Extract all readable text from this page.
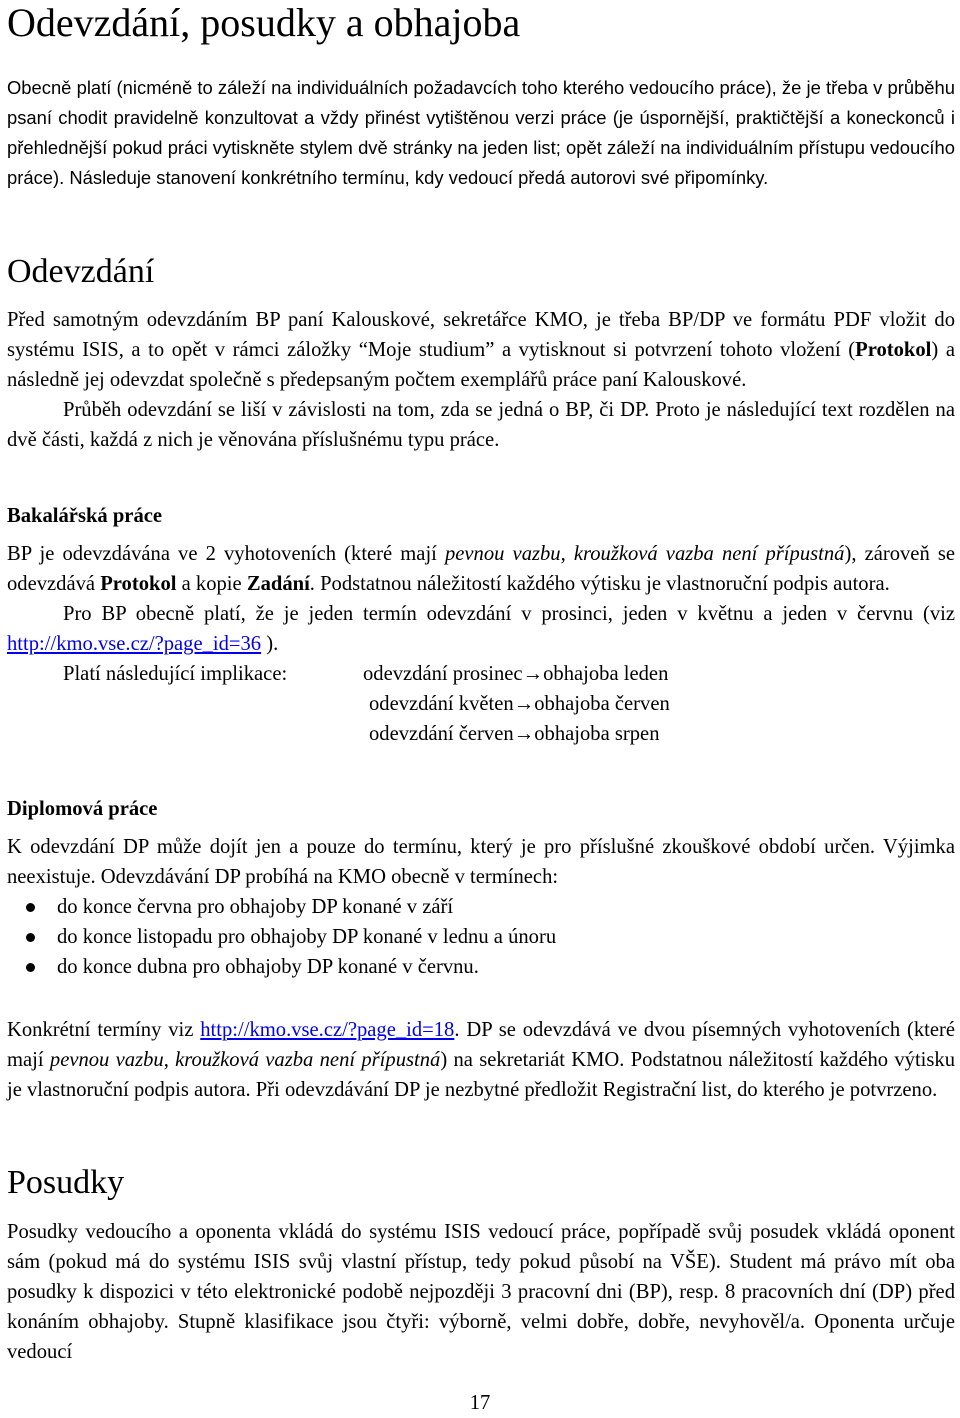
Odevzdání, posudky a obhajoba

Obecně platí (nicméně to záleží na individuálních požadavcích toho kterého vedoucího práce), že je třeba v průběhu psaní chodit pravidelně konzultovat a vždy přinést vytištěnou verzi práce (je úspornější, praktičtější a koneckonců i přehlednější pokud práci vytiskněte stylem dvě stránky na jeden list; opět záleží na individuálním přístupu vedoucího práce). Následuje stanovení konkrétního termínu, kdy vedoucí předá autorovi své připomínky.

Odevzdání

Před samotným odevzdáním BP paní Kalouskové, sekretářce KMO, je třeba BP/DP ve formátu PDF vložit do systému ISIS, a to opět v rámci záložky “Moje studium” a vytisknout si potvrzení tohoto vložení (Protokol) a následně jej odevzdat společně s předepsaným počtem exemplářů práce paní Kalouskové.

Průběh odevzdání se liší v závislosti na tom, zda se jedná o BP, či DP. Proto je následující text rozdělen na dvě části, každá z nich je věnována příslušnému typu práce.

Bakalářská práce

BP je odevzdávána ve 2 vyhotoveních (které mají pevnou vazbu, kroužková vazba není přípustná), zároveň se odevzdává Protokol a kopie Zadání. Podstatnou náležitostí každého výtisku je vlastnoruční podpis autora.

Pro BP obecně platí, že je jeden termín odevzdání v prosinci, jeden v květnu a jeden v červnu (viz http://kmo.vse.cz/?page_id=36 ).

Platí následující implikace:	odevzdání prosinec→obhajoba leden
odevzdání květen→obhajoba červen
odevzdání červen→obhajoba srpen
Diplomová práce

K odevzdání DP může dojít jen a pouze do termínu, který je pro příslušné zkouškové období určen. Výjimka neexistuje. Odevzdávání DP probíhá na KMO obecně v termínech:

do konce června pro obhajoby DP konané v září
do konce listopadu pro obhajoby DP konané v lednu a únoru
do konce dubna pro obhajoby DP konané v červnu.

Konkrétní termíny viz http://kmo.vse.cz/?page_id=18. DP se odevzdává ve dvou písemných vyhotoveních (které mají pevnou vazbu, kroužková vazba není přípustná) na sekretariát KMO. Podstatnou náležitostí každého výtisku je vlastnoruční podpis autora. Při odevzdávání DP je nezbytné předložit Registrační list, do kterého je potvrzeno.

Posudky

Posudky vedoucího a oponenta vkládá do systému ISIS vedoucí práce, popřípadě svůj posudek vkládá oponent sám (pokud má do systému ISIS svůj vlastní přístup, tedy pokud působí na VŠE). Student má právo mít oba posudky k dispozici v této elektronické podobě nejpozději 3 pracovní dni (BP), resp. 8 pracovních dní (DP) před konáním obhajoby. Stupně klasifikace jsou čtyři: výborně, velmi dobře, dobře, nevyhověl/a. Oponenta určuje vedoucí

17
